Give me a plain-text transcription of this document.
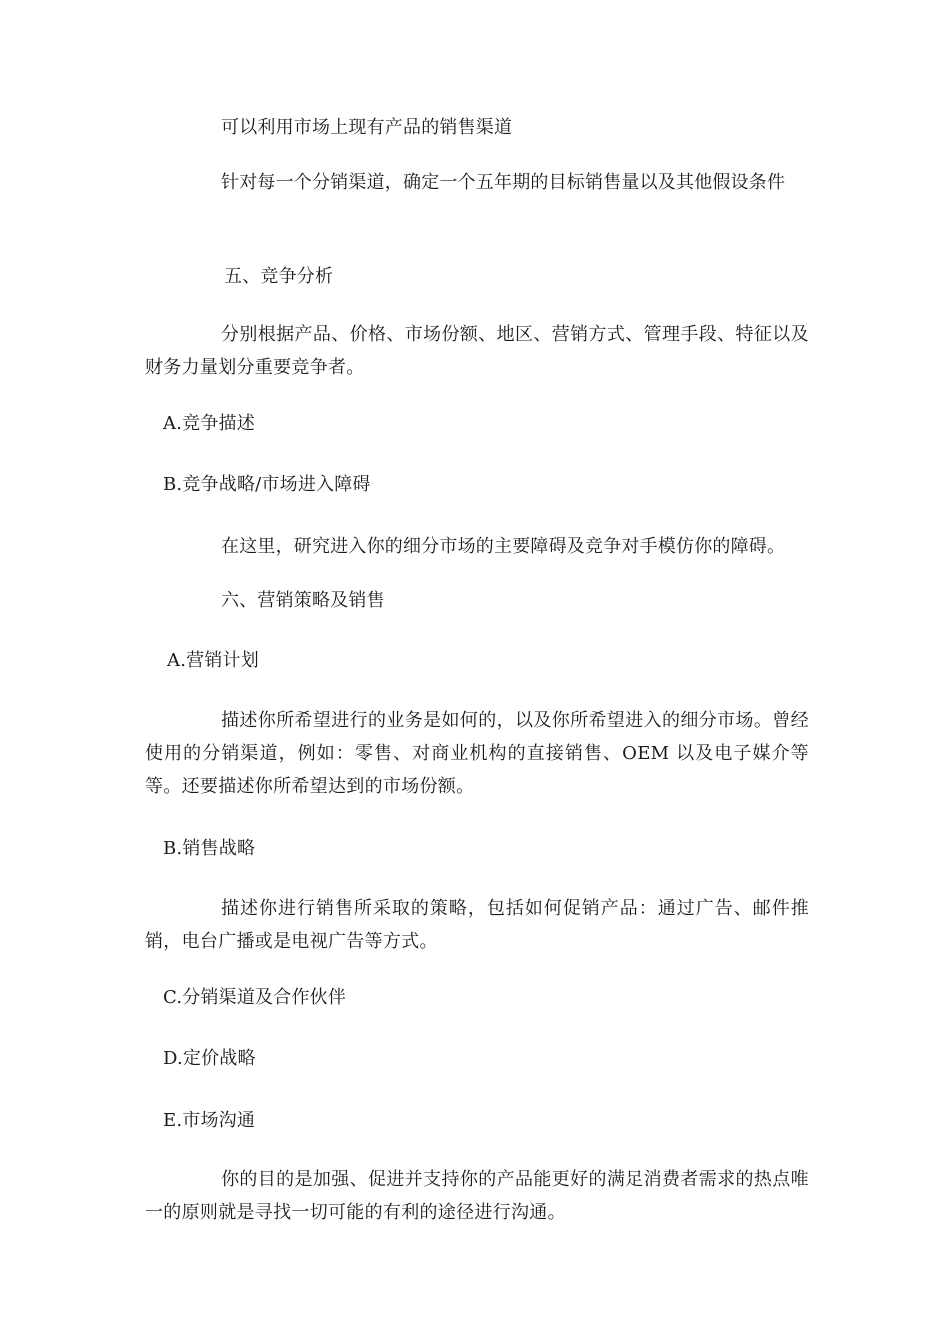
可以利用市场上现有产品的销售渠道
针对每一个分销渠道，确定一个五年期的目标销售量以及其他假设条件
五、竞争分析
分别根据产品、价格、市场份额、地区、营销方式、管理手段、特征以及财务力量划分重要竞争者。
A.竞争描述
B.竞争战略/市场进入障碍
在这里，研究进入你的细分市场的主要障碍及竞争对手模仿你的障碍。
六、营销策略及销售
A.营销计划
描述你所希望进行的业务是如何的，以及你所希望进入的细分市场。曾经使用的分销渠道，例如：零售、对商业机构的直接销售、OEM 以及电子媒介等等。还要描述你所希望达到的市场份额。
B.销售战略
描述你进行销售所采取的策略，包括如何促销产品：通过广告、邮件推销，电台广播或是电视广告等方式。
C.分销渠道及合作伙伴
D.定价战略
E.市场沟通
你的目的是加强、促进并支持你的产品能更好的满足消费者需求的热点唯一的原则就是寻找一切可能的有利的途径进行沟通。
